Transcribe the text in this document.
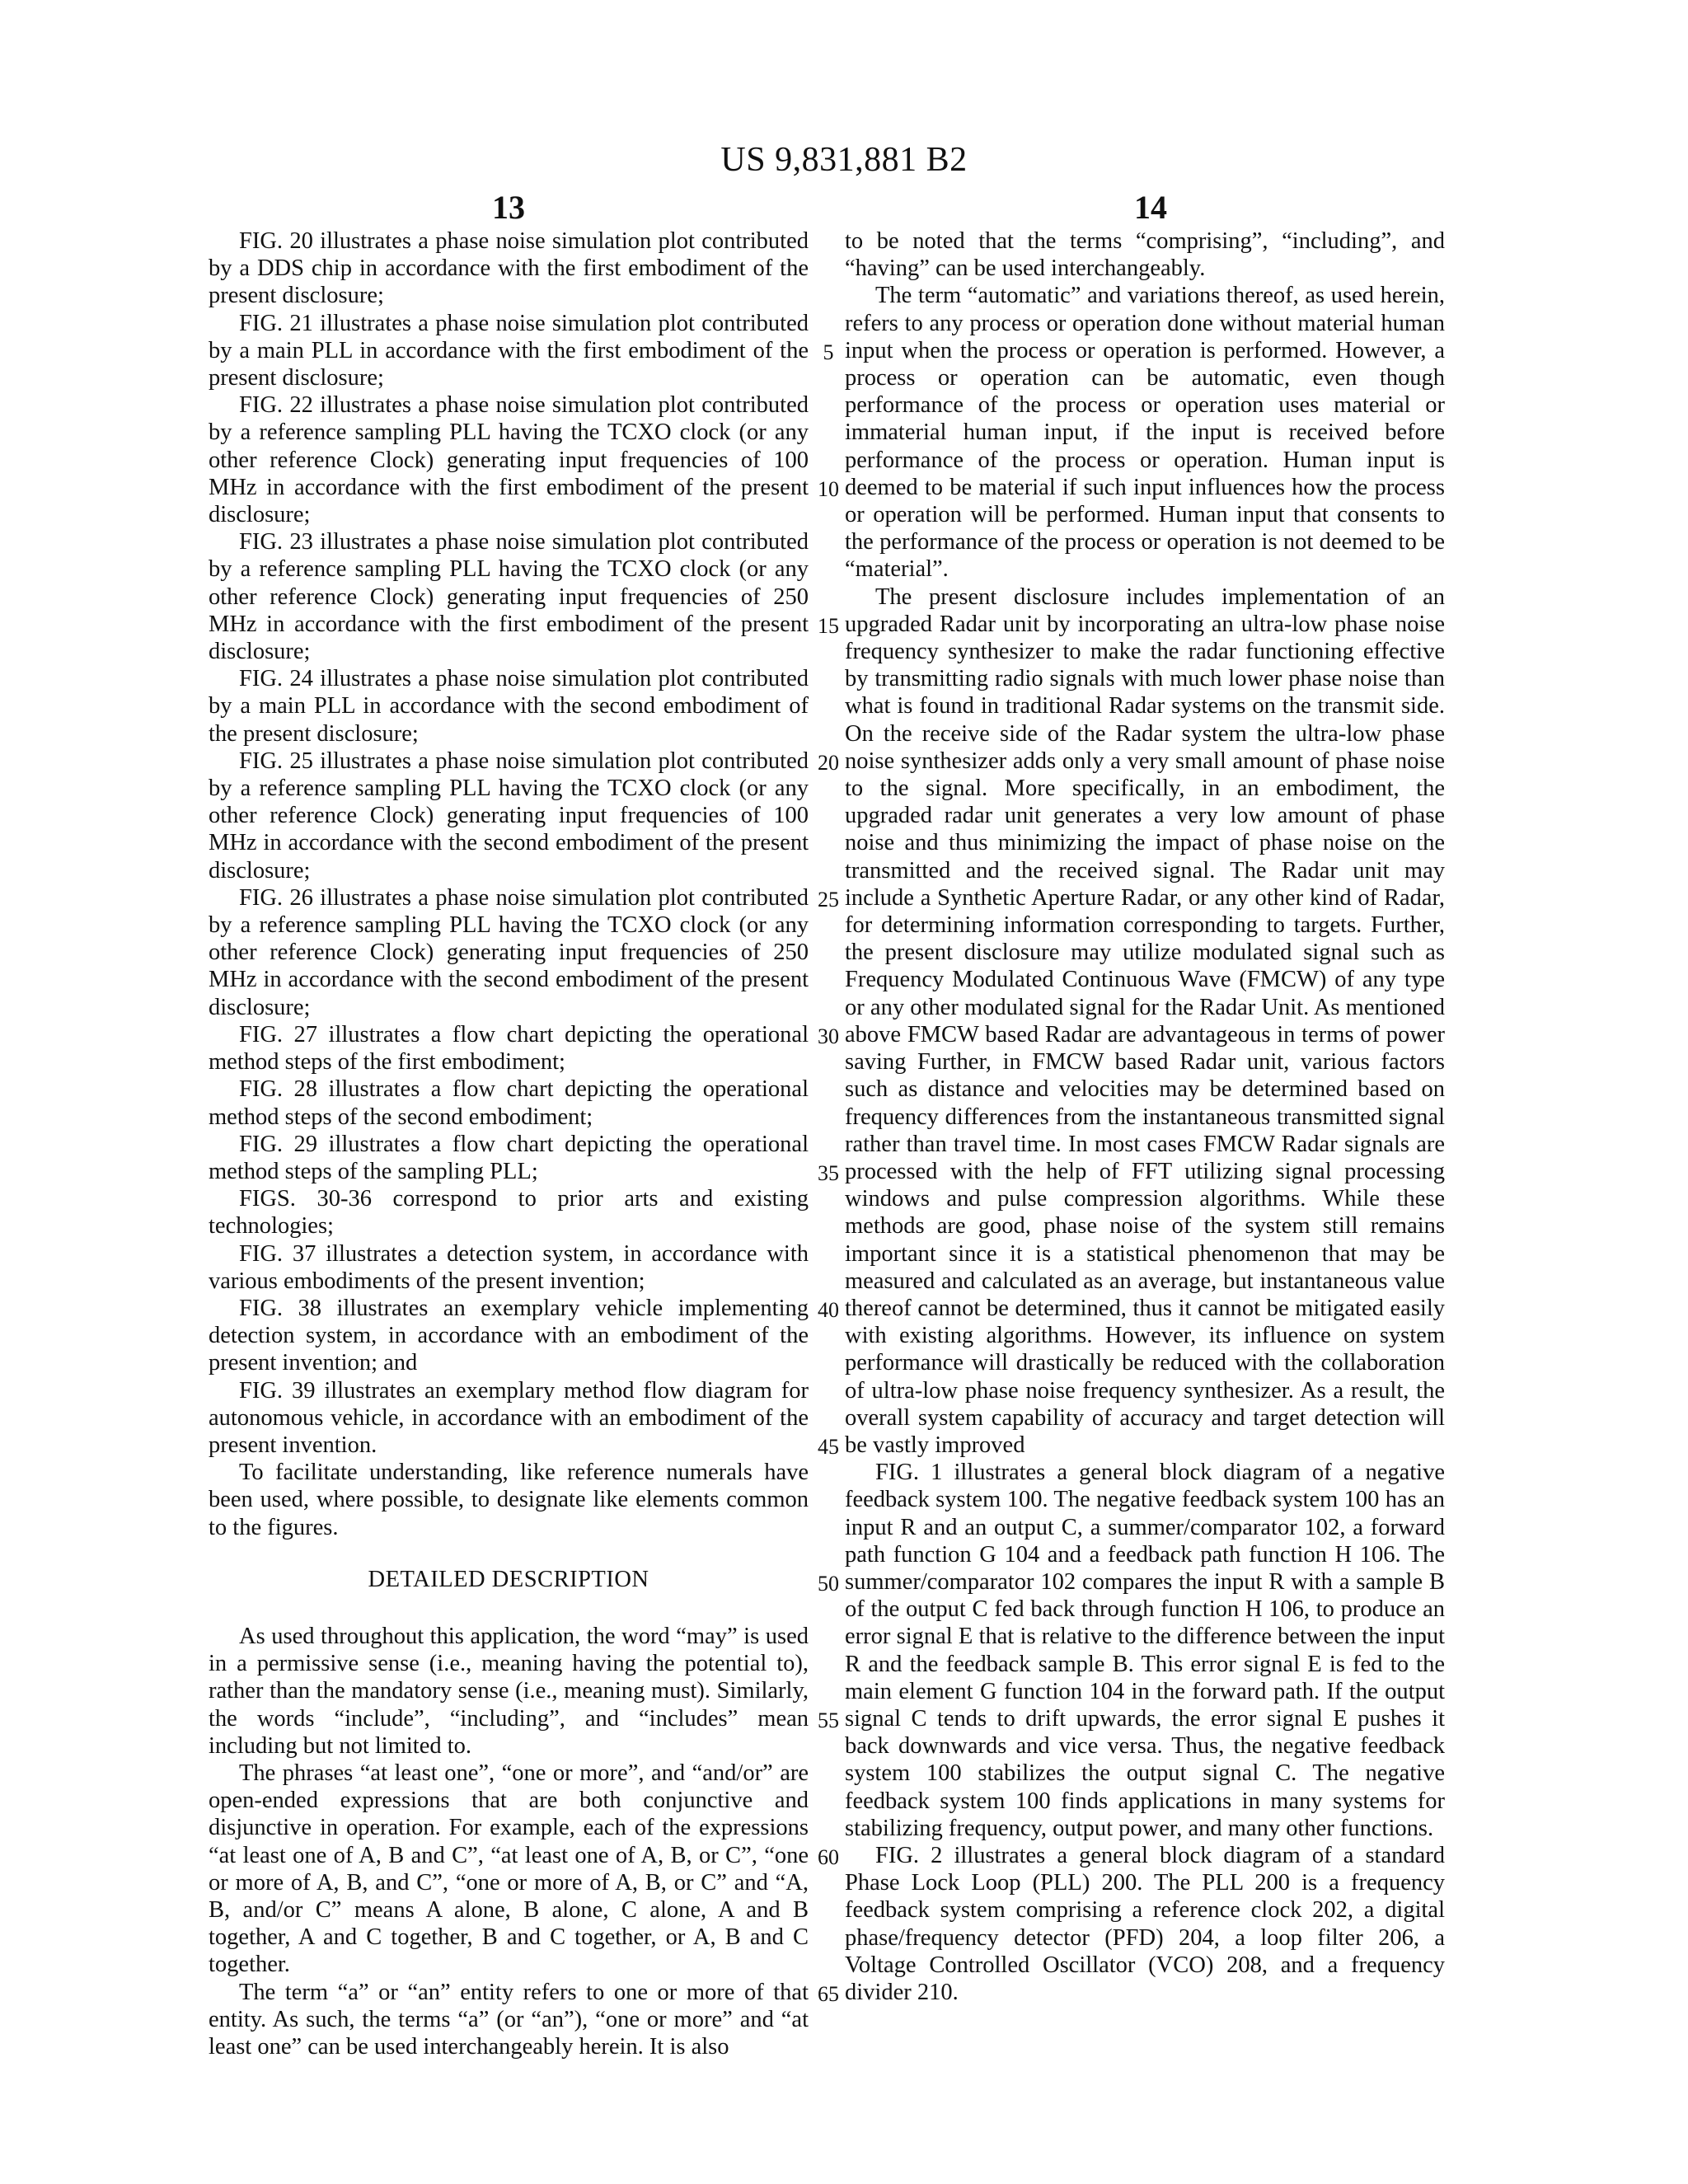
US 9,831,881 B2
13	14

FIG. 20 illustrates a phase noise simulation plot contributed by a DDS chip in accordance with the first embodiment of the present disclosure;

FIG. 21 illustrates a phase noise simulation plot contributed by a main PLL in accordance with the first embodiment of the present disclosure;

FIG. 22 illustrates a phase noise simulation plot contributed by a reference sampling PLL having the TCXO clock (or any other reference Clock) generating input frequencies of 100 MHz in accordance with the first embodiment of the present disclosure;

FIG. 23 illustrates a phase noise simulation plot contributed by a reference sampling PLL having the TCXO clock (or any other reference Clock) generating input frequencies of 250 MHz in accordance with the first embodiment of the present disclosure;

FIG. 24 illustrates a phase noise simulation plot contributed by a main PLL in accordance with the second embodiment of the present disclosure;

FIG. 25 illustrates a phase noise simulation plot contributed by a reference sampling PLL having the TCXO clock (or any other reference Clock) generating input frequencies of 100 MHz in accordance with the second embodiment of the present disclosure;

FIG. 26 illustrates a phase noise simulation plot contributed by a reference sampling PLL having the TCXO clock (or any other reference Clock) generating input frequencies of 250 MHz in accordance with the second embodiment of the present disclosure;

FIG. 27 illustrates a flow chart depicting the operational method steps of the first embodiment;

FIG. 28 illustrates a flow chart depicting the operational method steps of the second embodiment;

FIG. 29 illustrates a flow chart depicting the operational method steps of the sampling PLL;

FIGS. 30-36 correspond to prior arts and existing technologies;

FIG. 37 illustrates a detection system, in accordance with various embodiments of the present invention;

FIG. 38 illustrates an exemplary vehicle implementing detection system, in accordance with an embodiment of the present invention; and

FIG. 39 illustrates an exemplary method flow diagram for autonomous vehicle, in accordance with an embodiment of the present invention.

To facilitate understanding, like reference numerals have been used, where possible, to designate like elements common to the figures.

DETAILED DESCRIPTION

As used throughout this application, the word “may” is used in a permissive sense (i.e., meaning having the potential to), rather than the mandatory sense (i.e., meaning must). Similarly, the words “include”, “including”, and “includes” mean including but not limited to.

The phrases “at least one”, “one or more”, and “and/or” are open-ended expressions that are both conjunctive and disjunctive in operation. For example, each of the expressions “at least one of A, B and C”, “at least one of A, B, or C”, “one or more of A, B, and C”, “one or more of A, B, or C” and “A, B, and/or C” means A alone, B alone, C alone, A and B together, A and C together, B and C together, or A, B and C together.

The term “a” or “an” entity refers to one or more of that entity. As such, the terms “a” (or “an”), “one or more” and “at least one” can be used interchangeably herein. It is also

5
10
15
20
25
30
35
40
45
50
55
60
65

to be noted that the terms “comprising”, “including”, and “having” can be used interchangeably.

The term “automatic” and variations thereof, as used herein, refers to any process or operation done without material human input when the process or operation is performed. However, a process or operation can be automatic, even though performance of the process or operation uses material or immaterial human input, if the input is received before performance of the process or operation. Human input is deemed to be material if such input influences how the process or operation will be performed. Human input that consents to the performance of the process or operation is not deemed to be “material”.

The present disclosure includes implementation of an upgraded Radar unit by incorporating an ultra-low phase noise frequency synthesizer to make the radar functioning effective by transmitting radio signals with much lower phase noise than what is found in traditional Radar systems on the transmit side. On the receive side of the Radar system the ultra-low phase noise synthesizer adds only a very small amount of phase noise to the signal. More specifically, in an embodiment, the upgraded radar unit generates a very low amount of phase noise and thus minimizing the impact of phase noise on the transmitted and the received signal. The Radar unit may include a Synthetic Aperture Radar, or any other kind of Radar, for determining information corresponding to targets. Further, the present disclosure may utilize modulated signal such as Frequency Modulated Continuous Wave (FMCW) of any type or any other modulated signal for the Radar Unit. As mentioned above FMCW based Radar are advantageous in terms of power saving Further, in FMCW based Radar unit, various factors such as distance and velocities may be determined based on frequency differences from the instantaneous transmitted signal rather than travel time. In most cases FMCW Radar signals are processed with the help of FFT utilizing signal processing windows and pulse compression algorithms. While these methods are good, phase noise of the system still remains important since it is a statistical phenomenon that may be measured and calculated as an average, but instantaneous value thereof cannot be determined, thus it cannot be mitigated easily with existing algorithms. However, its influence on system performance will drastically be reduced with the collaboration of ultra-low phase noise frequency synthesizer. As a result, the overall system capability of accuracy and target detection will be vastly improved

FIG. 1 illustrates a general block diagram of a negative feedback system 100. The negative feedback system 100 has an input R and an output C, a summer/comparator 102, a forward path function G 104 and a feedback path function H 106. The summer/comparator 102 compares the input R with a sample B of the output C fed back through function H 106, to produce an error signal E that is relative to the difference between the input R and the feedback sample B. This error signal E is fed to the main element G function 104 in the forward path. If the output signal C tends to drift upwards, the error signal E pushes it back downwards and vice versa. Thus, the negative feedback system 100 stabilizes the output signal C. The negative feedback system 100 finds applications in many systems for stabilizing frequency, output power, and many other functions.

FIG. 2 illustrates a general block diagram of a standard Phase Lock Loop (PLL) 200. The PLL 200 is a frequency feedback system comprising a reference clock 202, a digital phase/frequency detector (PFD) 204, a loop filter 206, a Voltage Controlled Oscillator (VCO) 208, and a frequency divider 210.
